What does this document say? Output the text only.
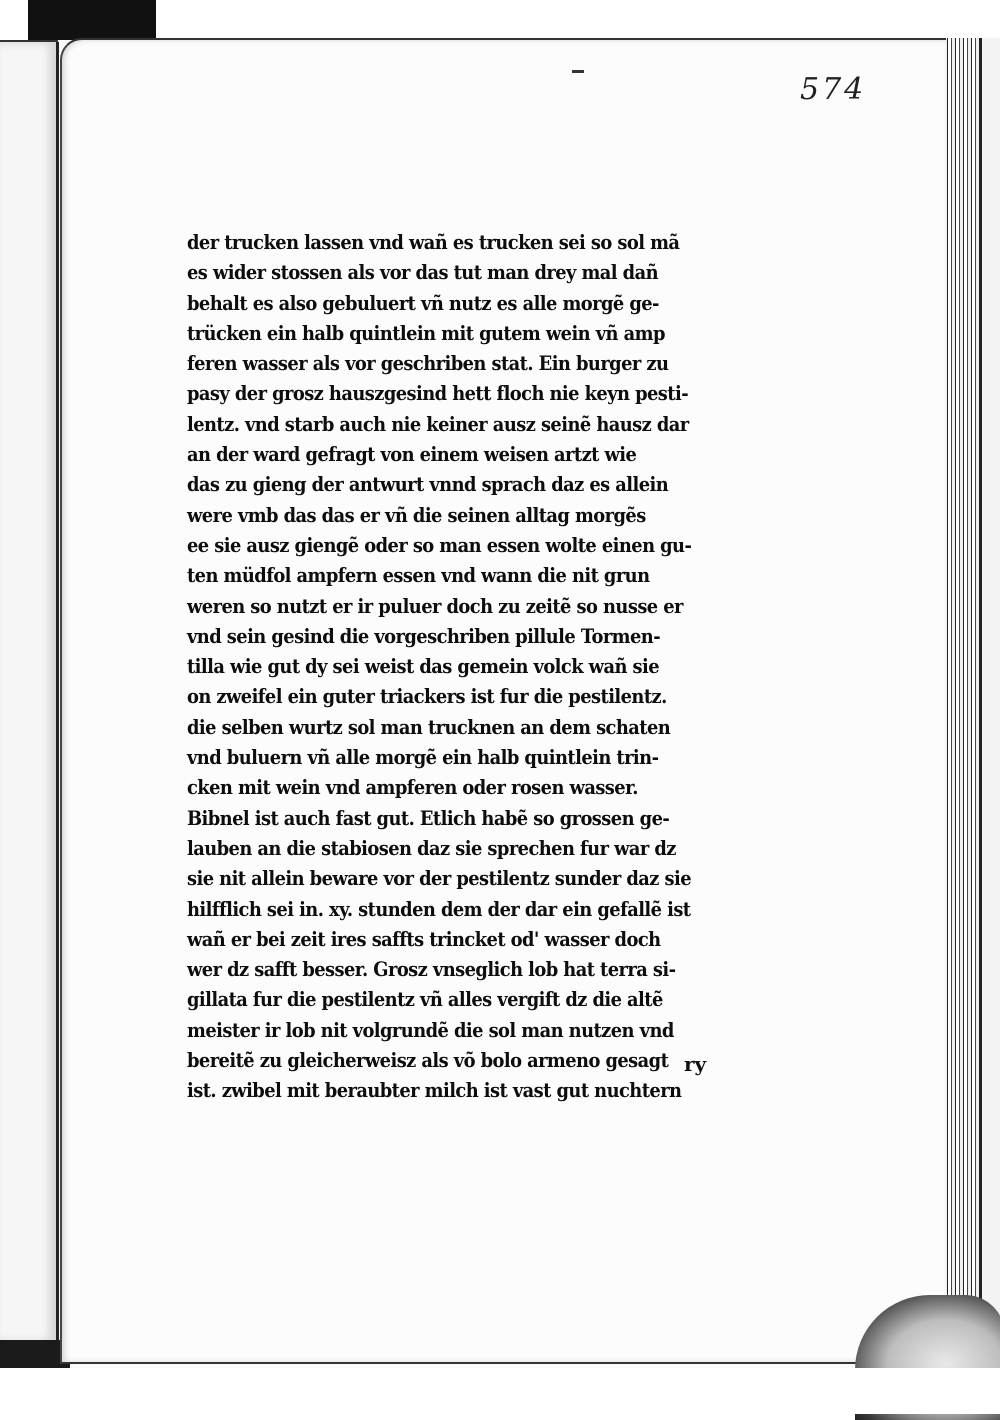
574
der trucken lassen vnd wañ es trucken sei so sol mã
es wider stossen als vor das tut man drey mal dañ
behalt es also gebuluert vñ nutz es alle morgẽ ge-
trücken ein halb quintlein mit gutem wein vñ amp
feren wasser als vor geschriben stat. Ein burger zu
pasy der grosz hauszgesind hett floch nie keyn pesti-
lentz. vnd starb auch nie keiner ausz seinẽ hausz dar
an der ward gefragt von einem weisen artzt wie
das zu gieng der antwurt vnnd sprach daz es allein
were vmb das das er vñ die seinen alltag morgẽs
ee sie ausz giengẽ oder so man essen wolte einen gu-
ten müdfol ampfern essen vnd wann die nit grun
weren so nutzt er ir puluer doch zu zeitẽ so nusse er
vnd sein gesind die vorgeschriben pillule Tormen-
tilla wie gut dy sei weist das gemein volck wañ sie
on zweifel ein guter triackers ist fur die pestilentz.
die selben wurtz sol man trucknen an dem schaten
vnd buluern vñ alle morgẽ ein halb quintlein trin-
cken mit wein vnd ampferen oder rosen wasser.
Bibnel ist auch fast gut. Etlich habẽ so grossen ge-
lauben an die stabiosen daz sie sprechen fur war dz
sie nit allein beware vor der pestilentz sunder daz sie
hilfflich sei in. xy. stunden dem der dar ein gefallẽ ist
wañ er bei zeit ires saffts trincket od' wasser doch
wer dz safft besser. Grosz vnseglich lob hat terra si-
gillata fur die pestilentz vñ alles vergift dz die altẽ
meister ir lob nit volgrundẽ die sol man nutzen vnd
bereitẽ zu gleicherweisz als võ bolo armeno gesagt
ist. zwibel mit beraubter milch ist vast gut nuchtern
ry
